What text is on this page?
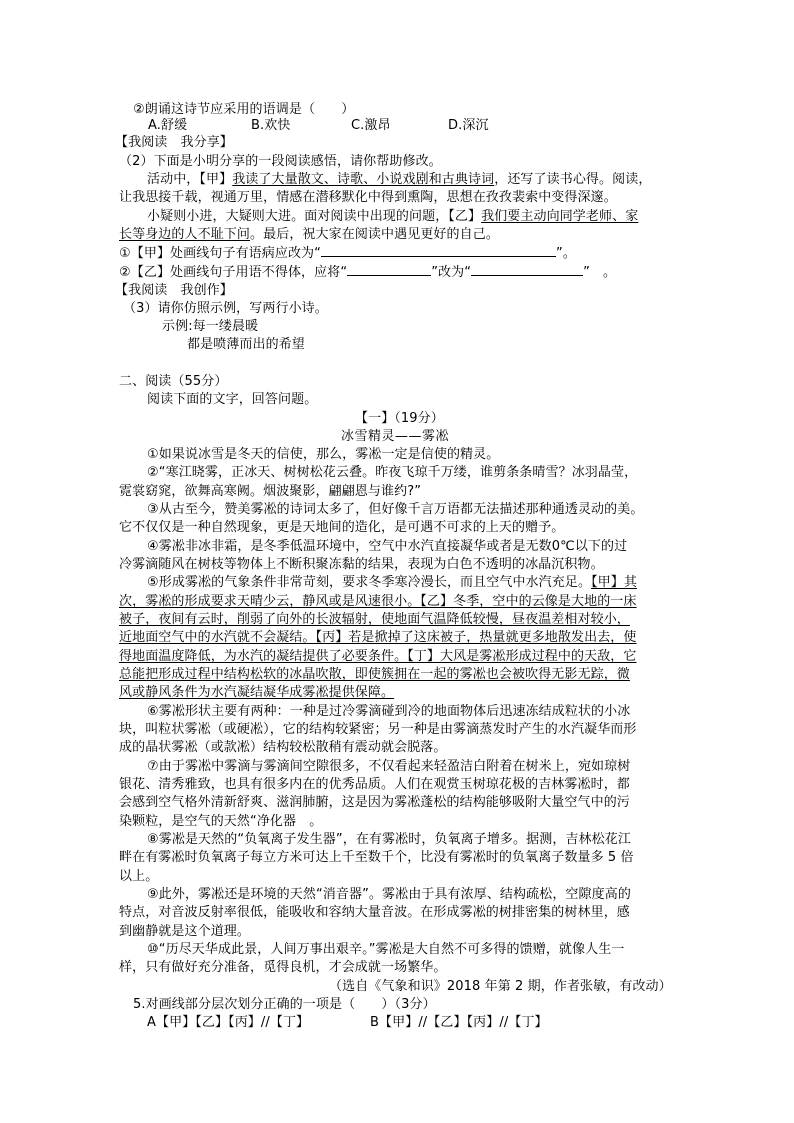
②朗诵这诗节应采用的语调是（　　）
A.舒缓	B.欢快	C.激昂	D.深沉
【我阅读　我分享】
（2）下面是小明分享的一段阅读感悟，请你帮助修改。
活动中，【甲】我读了大量散文、诗歌、小说戏剧和古典诗词，还写了读书心得。阅读，
让我思接千载，视通万里，情感在潜移默化中得到熏陶，思想在孜孜裴索中变得深邃。
小疑则小进，大疑则大进。面对阅读中出现的问题，【乙】我们要主动向同学老师、家
长等身边的人不耻下问。最后，祝大家在阅读中遇见更好的自己。
①【甲】处画线句子有语病应改为“	”。
②【乙】处画线句子用语不得体，应将“	”改为“	”　。
【我阅读　我创作】
（3）请你仿照示例，写两行小诗。
示例:每一缕晨暖
都是喷薄而出的希望
二、阅读（55分）
阅读下面的文字，回答问题。
【一】（19分）
冰雪精灵——雾凇
①如果说冰雪是冬天的信使，那么，雾凇一定是信使的精灵。
②“寒江晓雾，正冰天、树树松花云叠。昨夜飞琼千万缕，谁剪条条晴雪？冰羽晶莹，
霓裳窈窕，欲舞高寒阙。烟波聚影，翩翩恩与谁约?”
③从古至今，赞美雾凇的诗词太多了，但好像千言万语都无法描述那种通透灵动的美。
它不仅仅是一种自然现象，更是天地间的造化，是可遇不可求的上天的赠予。
④雾凇非冰非霜，是冬季低温环境中，空气中水汽直接凝华或者是无数0℃以下的过
冷雾滴随风在树枝等物体上不断积聚冻黏的结果，表现为白色不透明的冰晶沉积物。
⑤形成雾凇的气象条件非常苛刻，要求冬季寒冷漫长，而且空气中水汽充足。【甲】其
次，雾凇的形成要求天晴少云，静风或是风速很小。【乙】冬季，空中的云像是大地的一床
被子，夜间有云时，削弱了向外的长波辐射，使地面气温降低较慢，昼夜温差相对较小，
近地面空气中的水汽就不会凝结。【丙】若是掀掉了这床被子，热量就更多地散发出去，使
得地面温度降低，为水汽的凝结提供了必要条件。【丁】大风是雾凇形成过程中的天敌，它
总能把形成过程中结构松软的冰晶吹散，即使簇拥在一起的雾凇也会被吹得无影无踪，微
风或静风条件为水汽凝结凝华成雾凇提供保障。
⑥雾凇形状主要有两种：一种是过冷雾滴碰到冷的地面物体后迅速冻结成粒状的小冰
块，叫粒状雾凇（或硬凇），它的结构较紧密；另一种是由雾滴蒸发时产生的水汽凝华而形
成的晶状雾凇（或款凇）结构较松散稍有震动就会脱落。
⑦由于雾凇中雾滴与雾滴间空隙很多，不仅看起来轻盈洁白附着在树米上，宛如琼树
银花、清秀雅致，也具有很多内在的优秀品质。人们在观赏玉树琼花极的吉林雾凇时，都
会感到空气格外清新舒爽、滋润肺腑，这是因为雾凇蓬松的结构能够吸附大量空气中的污
染颗粒，是空气的天然“净化器　。
⑧雾凇是天然的“负氧离子发生器”，在有雾凇时，负氧离子增多。据测，吉林松花江
畔在有雾凇时负氧离子每立方米可达上千至数千个，比没有雾凇时的负氧离子数量多 5 倍
以上。
⑨此外，雾凇还是环境的天然“消音器”。雾凇由于具有浓厚、结构疏松，空隙度高的
特点，对音波反射率很低，能吸收和容纳大量音波。在形成雾凇的树排密集的树林里，感
到幽静就是这个道理。
⑩“历尽天华成此景，人间万事出艰辛。”雾凇是大自然不可多得的馈赠，就像人生一
样，只有做好充分准备，觅得良机，才会成就一场繁华。
（选自《气象和识》2018 年第 2 期，作者张敏，有改动）
5.对画线部分层次划分正确的一项是（　　）（3分）
A【甲】【乙】【丙】//【丁】	B【甲】//【乙】【丙】//【丁】
